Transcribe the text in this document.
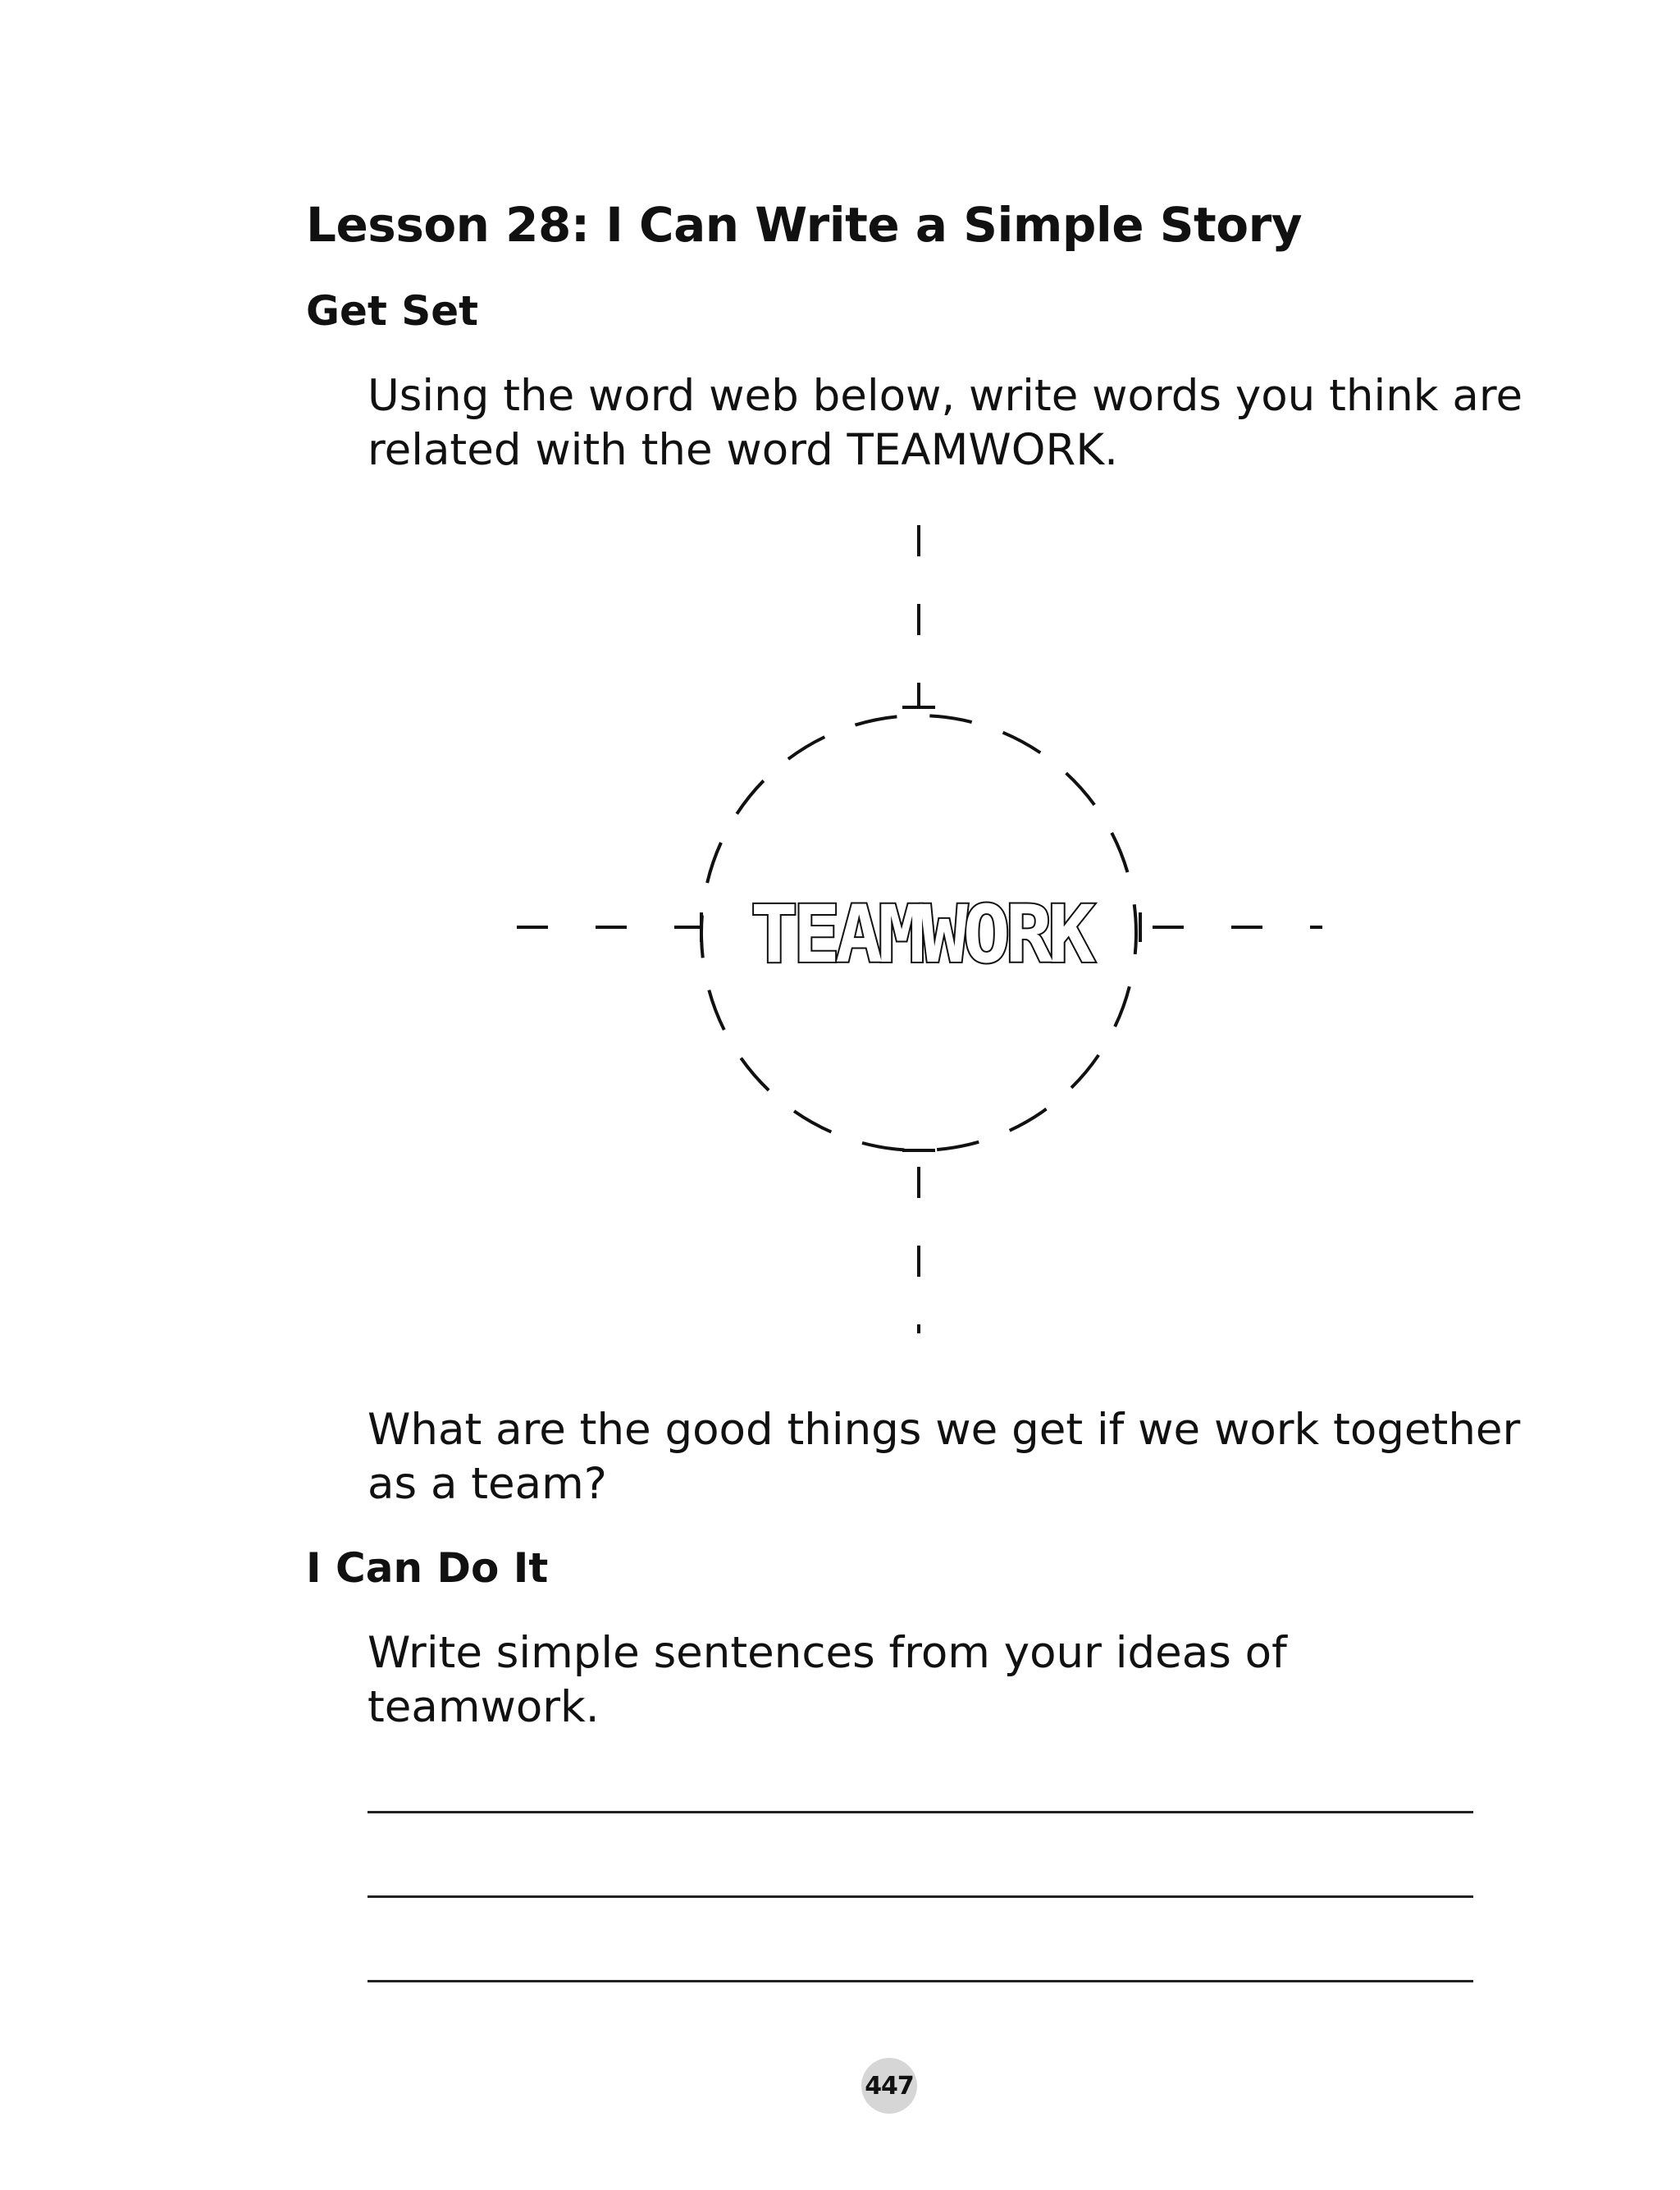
Lesson 28: I Can Write a Simple Story
Get Set
Using the word web below, write words you think are related with the word TEAMWORK.
TEAMWORK
What are the good things we get if we work together as a team?
I Can Do It
Write simple sentences from your ideas of teamwork.
447
